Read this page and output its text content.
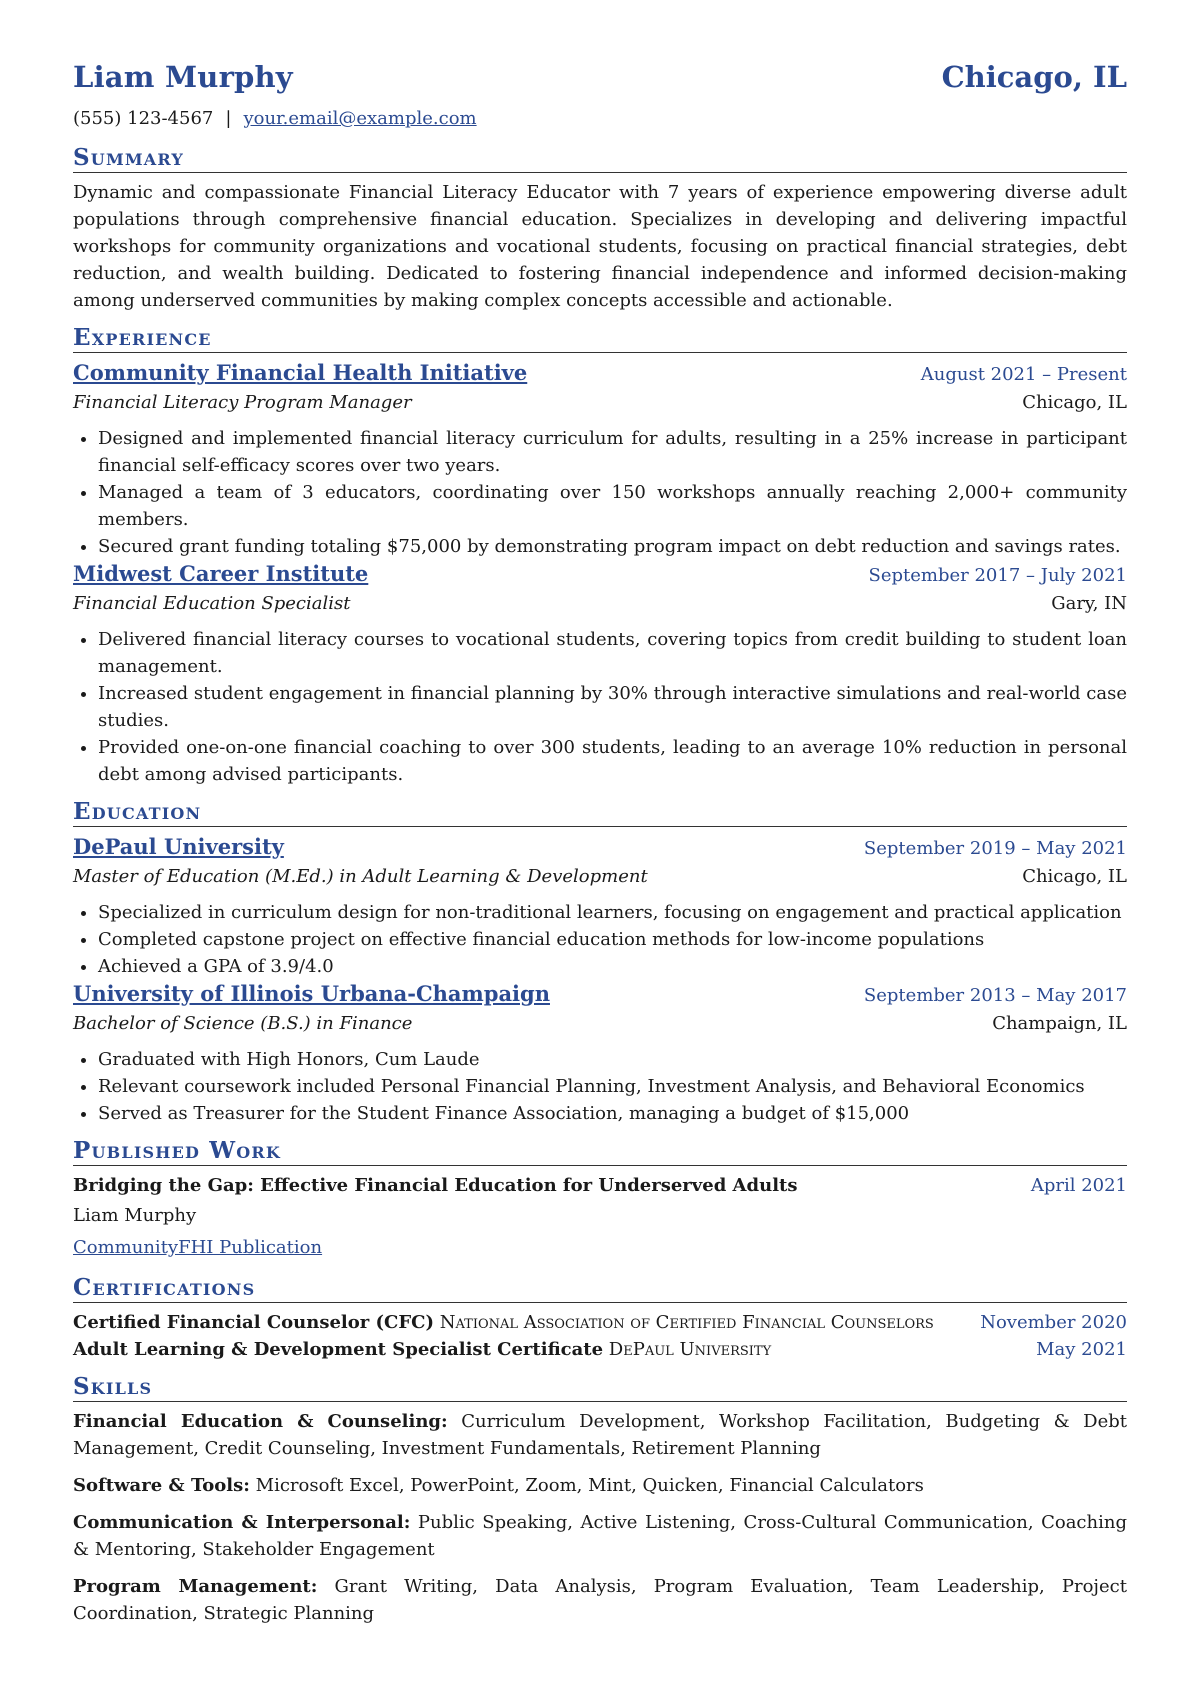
Liam Murphy	Chicago, IL
(555) 123-4567 | your.email@example.com
Summary
Dynamic and compassionate Financial Literacy Educator with 7 years of experience empowering diverse adult populations through comprehensive financial education. Specializes in developing and delivering impactful workshops for community organizations and vocational students, focusing on practical financial strategies, debt reduction, and wealth building. Dedicated to fostering financial independence and informed decision-making among underserved communities by making complex concepts accessible and actionable.
Experience
Community Financial Health Initiative	August 2021 – Present
Financial Literacy Program Manager	Chicago, IL
• Designed and implemented financial literacy curriculum for adults, resulting in a 25% increase in participant financial self-efficacy scores over two years.
• Managed a team of 3 educators, coordinating over 150 workshops annually reaching 2,000+ community members.
• Secured grant funding totaling $75,000 by demonstrating program impact on debt reduction and savings rates.
Midwest Career Institute	September 2017 – July 2021
Financial Education Specialist	Gary, IN
• Delivered financial literacy courses to vocational students, covering topics from credit building to student loan management.
• Increased student engagement in financial planning by 30% through interactive simulations and real-world case studies.
• Provided one-on-one financial coaching to over 300 students, leading to an average 10% reduction in personal debt among advised participants.
Education
DePaul University	September 2019 – May 2021
Master of Education (M.Ed.) in Adult Learning & Development	Chicago, IL
• Specialized in curriculum design for non-traditional learners, focusing on engagement and practical application
• Completed capstone project on effective financial education methods for low-income populations
• Achieved a GPA of 3.9/4.0
University of Illinois Urbana-Champaign	September 2013 – May 2017
Bachelor of Science (B.S.) in Finance	Champaign, IL
• Graduated with High Honors, Cum Laude
• Relevant coursework included Personal Financial Planning, Investment Analysis, and Behavioral Economics
• Served as Treasurer for the Student Finance Association, managing a budget of $15,000
Published Work
Bridging the Gap: Effective Financial Education for Underserved Adults	April 2021
Liam Murphy
CommunityFHI Publication
Certifications
Certified Financial Counselor (CFC) National Association of Certified Financial Counselors	November 2020
Adult Learning & Development Specialist Certificate DePaul University	May 2021
Skills
Financial Education & Counseling: Curriculum Development, Workshop Facilitation, Budgeting & Debt Management, Credit Counseling, Investment Fundamentals, Retirement Planning
Software & Tools: Microsoft Excel, PowerPoint, Zoom, Mint, Quicken, Financial Calculators
Communication & Interpersonal: Public Speaking, Active Listening, Cross-Cultural Communication, Coaching & Mentoring, Stakeholder Engagement
Program Management: Grant Writing, Data Analysis, Program Evaluation, Team Leadership, Project Coordination, Strategic Planning
